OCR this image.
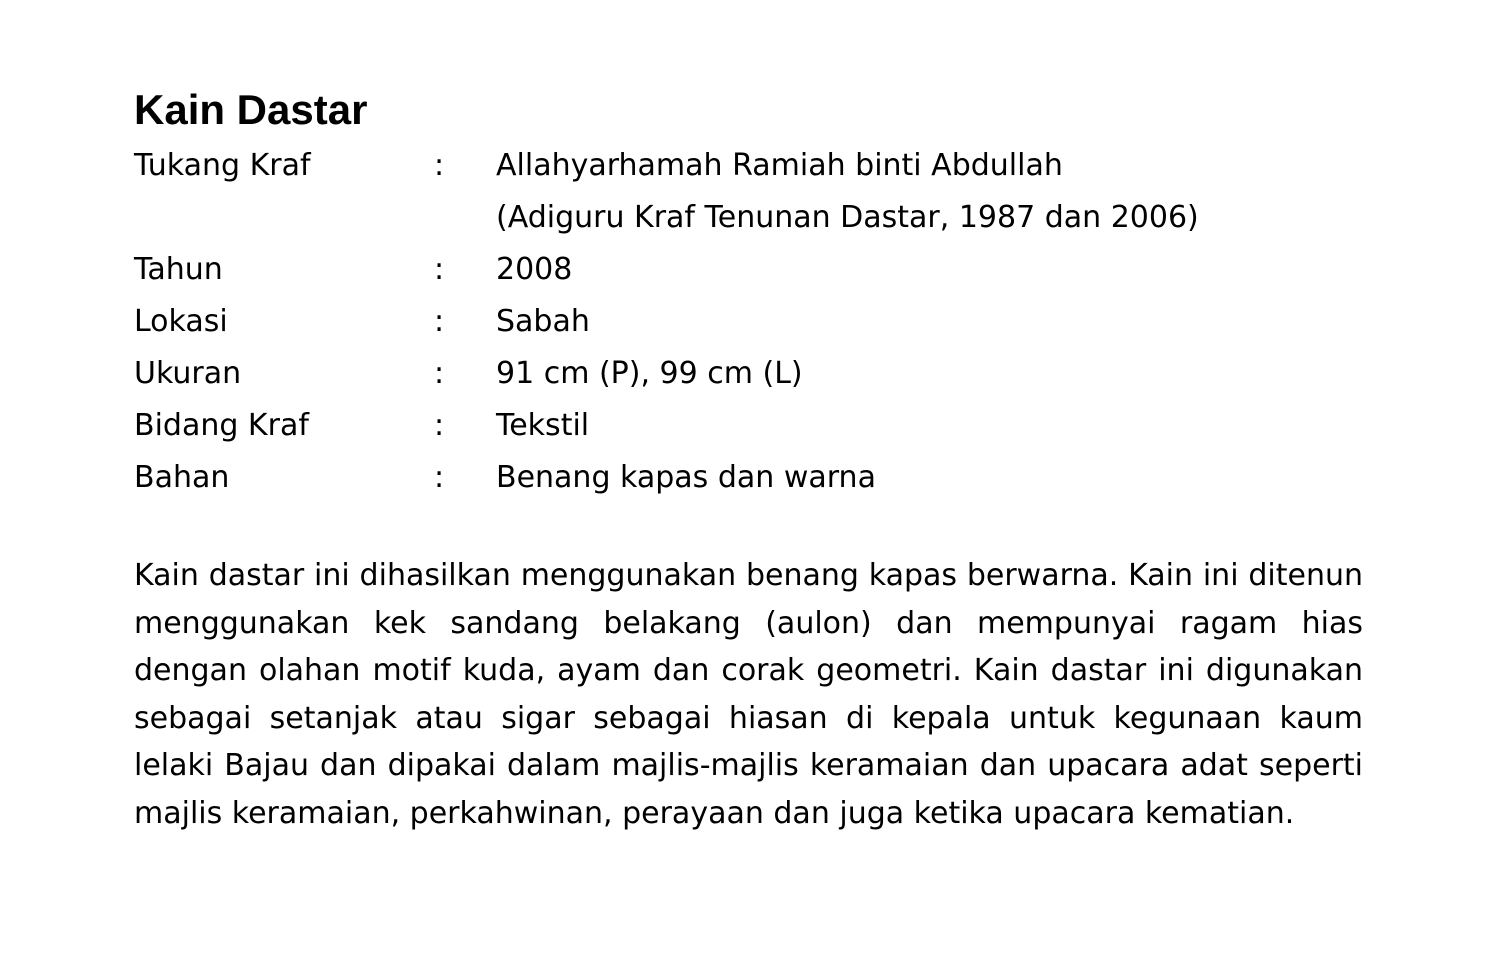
Kain Dastar
Tukang Kraf	:	Allahyarhamah Ramiah binti Abdullah
(Adiguru Kraf Tenunan Dastar, 1987 dan 2006)
Tahun	:	2008
Lokasi	:	Sabah
Ukuran	:	91 cm (P), 99 cm (L)
Bidang Kraf	:	Tekstil
Bahan	:	Benang kapas dan warna

Kain dastar ini dihasilkan menggunakan benang kapas berwarna. Kain ini ditenun menggunakan kek sandang belakang (aulon) dan mempunyai ragam hias dengan olahan motif kuda, ayam dan corak geometri. Kain dastar ini digunakan sebagai setanjak atau sigar sebagai hiasan di kepala untuk kegunaan kaum lelaki Bajau dan dipakai dalam majlis-majlis keramaian dan upacara adat seperti majlis keramaian, perkahwinan, perayaan dan juga ketika upacara kematian.
